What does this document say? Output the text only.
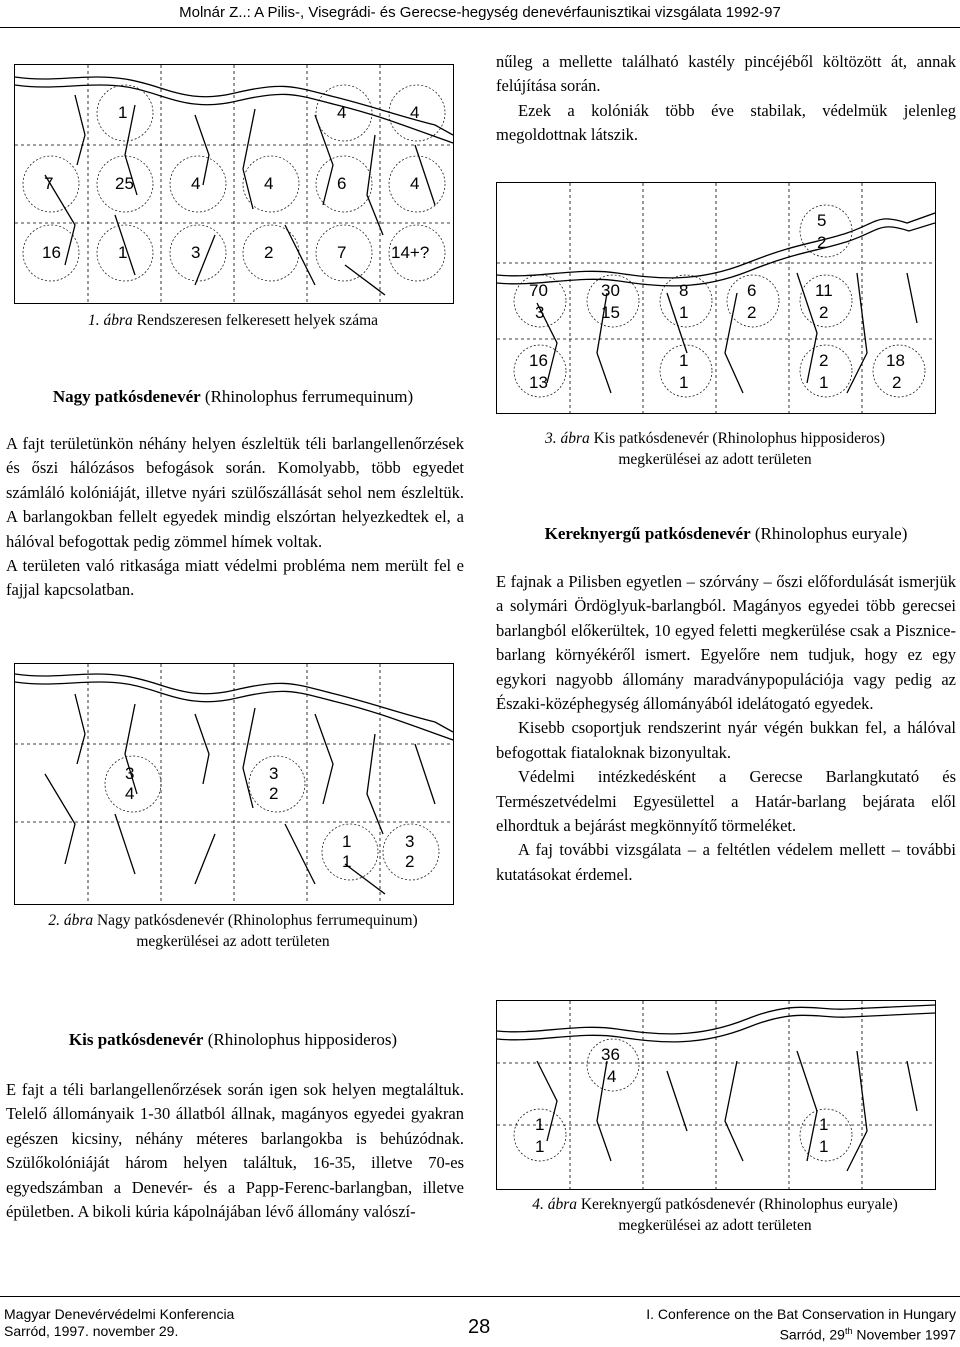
Molnár Z..: A Pilis-, Visegrádi- és Gerecse-hegység denevérfaunisztikai vizsgálata 1992-97
1	4	4
7	25	4	4	6	4
16	1	3	2	7	14+?
1. ábra Rendszeresen felkeresett helyek száma
Nagy patkósdenevér (Rhinolophus ferrumequinum)

A fajt területünkön néhány helyen észleltük téli barlangellenőrzések és őszi hálózásos befogások során. Komolyabb, több egyedet számláló kolóniáját, illetve nyári szülőszállását sehol nem észleltük. A barlangokban fellelt egyedek mindig elszórtan helyezkedtek el, a hálóval befogottak pedig zömmel hímek voltak.

A területen való ritkasága miatt védelmi probléma nem merült fel e fajjal kapcsolatban.

3
4
3
2
1
1
3
2
2. ábra Nagy patkósdenevér (Rhinolophus ferrumequinum)
megkerülései az adott területen
Kis patkósdenevér (Rhinolophus hipposideros)

E fajt a téli barlangellenőrzések során igen sok helyen megtaláltuk. Telelő állományaik 1-30 állatból állnak, magányos egyedei gyakran egészen kicsiny, néhány méteres barlangokba is behúzódnak. Szülőkolóniáját három helyen találtuk, 16-35, illetve 70-es egyedszámban a Denevér- és a Papp-Ferenc-barlangban, illetve épületben. A bikoli kúria kápolnájában lévő állomány valószí-

nűleg a mellette található kastély pincéjéből költözött át, annak felújítása során.

Ezek a kolóniák több éve stabilak, védelmük jelenleg megoldottnak látszik.

5
2
70
3
30
15
8
1
6
2
11
2
16
13
1
1
2
1
18
2
3. ábra Kis patkósdenevér (Rhinolophus hipposideros)
megkerülései az adott területen
Kereknyergű patkósdenevér (Rhinolophus euryale)

E fajnak a Pilisben egyetlen – szórvány – őszi előfordulását ismerjük a solymári Ördöglyuk-barlangból. Magányos egyedei több gerecsei barlangból előkerültek, 10 egyed feletti megkerülése csak a Pisznice-barlang környékéről ismert. Egyelőre nem tudjuk, hogy ez egy egykori nagyobb állomány maradványpopulációja vagy pedig az Északi-középhegység állományából idelátogató egyedek.

Kisebb csoportjuk rendszerint nyár végén bukkan fel, a hálóval befogottak fiataloknak bizonyultak.

Védelmi intézkedésként a Gerecse Barlangkutató és Természetvédelmi Egyesülettel a Határ-barlang bejárata elől elhordtuk a bejárást megkönnyítő törmeléket.

A faj további vizsgálata – a feltétlen védelem mellett – további kutatásokat érdemel.

36
4
1
1
1
1
4. ábra Kereknyergű patkósdenevér (Rhinolophus euryale)
megkerülései az adott területen
Magyar Denevérvédelmi Konferencia
Sarród, 1997. november 29.	28
I. Conference on the Bat Conservation in Hungary
Sarród, 29th November 1997
